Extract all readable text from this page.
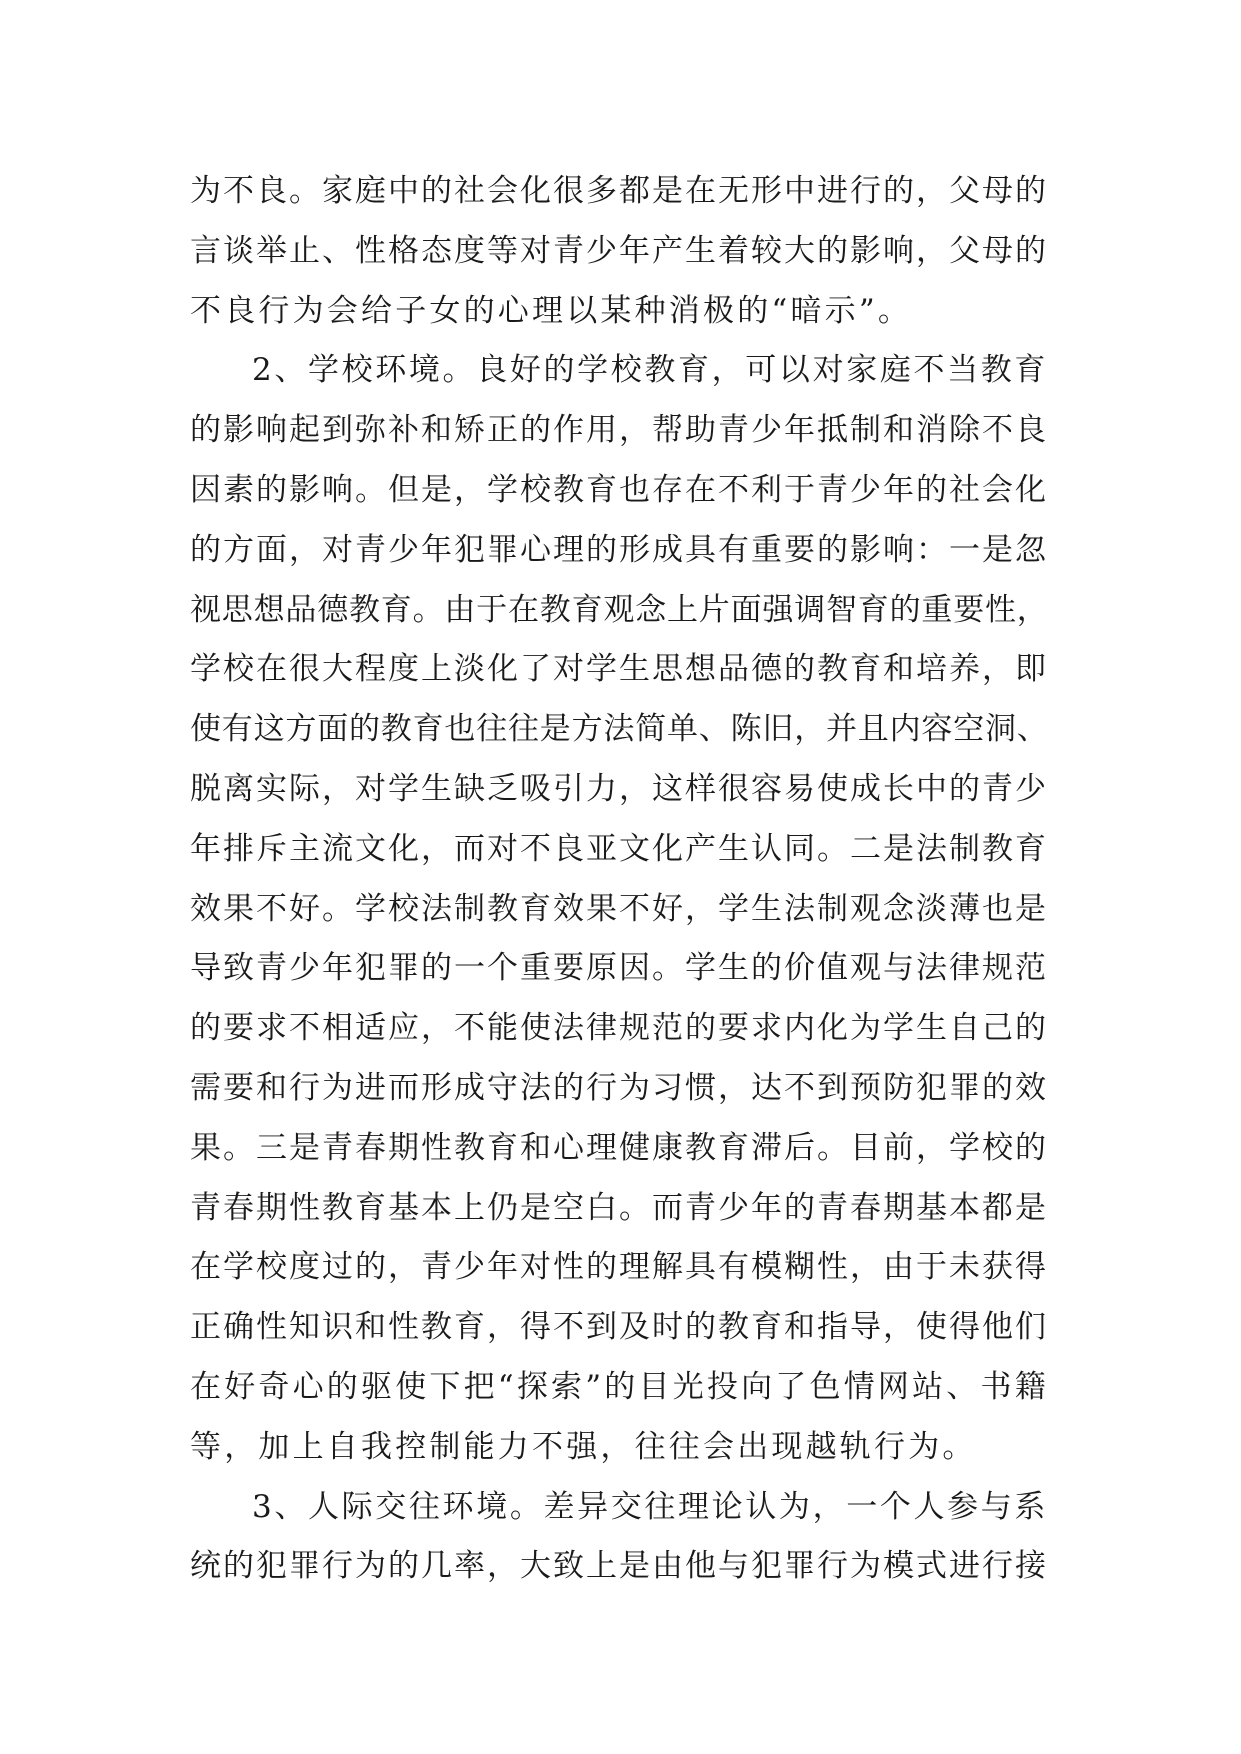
为不良。家庭中的社会化很多都是在无形中进行的，父母的
言谈举止、性格态度等对青少年产生着较大的影响，父母的
不良行为会给子女的心理以某种消极的“暗示”。
2、学校环境。良好的学校教育，可以对家庭不当教育
的影响起到弥补和矫正的作用，帮助青少年抵制和消除不良
因素的影响。但是，学校教育也存在不利于青少年的社会化
的方面，对青少年犯罪心理的形成具有重要的影响：一是忽
视思想品德教育。由于在教育观念上片面强调智育的重要性，
学校在很大程度上淡化了对学生思想品德的教育和培养，即
使有这方面的教育也往往是方法简单、陈旧，并且内容空洞、
脱离实际，对学生缺乏吸引力，这样很容易使成长中的青少
年排斥主流文化，而对不良亚文化产生认同。二是法制教育
效果不好。学校法制教育效果不好，学生法制观念淡薄也是
导致青少年犯罪的一个重要原因。学生的价值观与法律规范
的要求不相适应，不能使法律规范的要求内化为学生自己的
需要和行为进而形成守法的行为习惯，达不到预防犯罪的效
果。三是青春期性教育和心理健康教育滞后。目前，学校的
青春期性教育基本上仍是空白。而青少年的青春期基本都是
在学校度过的，青少年对性的理解具有模糊性，由于未获得
正确性知识和性教育，得不到及时的教育和指导，使得他们
在好奇心的驱使下把“探索”的目光投向了色情网站、书籍
等，加上自我控制能力不强，往往会出现越轨行为。
3、人际交往环境。差异交往理论认为，一个人参与系
统的犯罪行为的几率，大致上是由他与犯罪行为模式进行接
